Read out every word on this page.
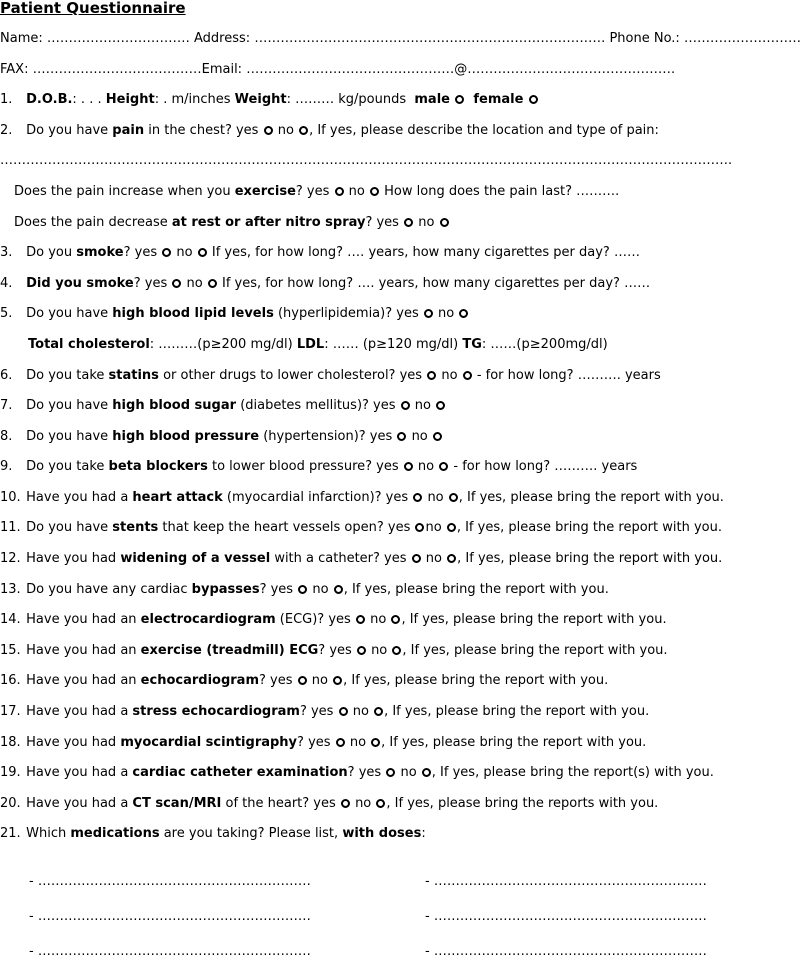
Patient Questionnaire
Name: …………………………… Address: ……………………………………………………………………… Phone No.: ………………………
FAX: …………………………………Email: …………………………………………@…………………………………………
1. D.O.B.: . . . Height: . m/inches Weight: ……… kg/pounds male female
2. Do you have pain in the chest? yes no , If yes, please describe the location and type of pain:
…………………………………………………………………………………………………………………………………………………….
Does the pain increase when you exercise? yes no How long does the pain last? ……….
Does the pain decrease at rest or after nitro spray? yes no
3. Do you smoke? yes no If yes, for how long? …. years, how many cigarettes per day? ……
4. Did you smoke? yes no If yes, for how long? …. years, how many cigarettes per day? ……
5. Do you have high blood lipid levels (hyperlipidemia)? yes no
Total cholesterol: ………(p≥200 mg/dl) LDL: …… (p≥120 mg/dl) TG: ……(p≥200mg/dl)
6. Do you take statins or other drugs to lower cholesterol? yes no - for how long? ………. years
7. Do you have high blood sugar (diabetes mellitus)? yes no
8. Do you have high blood pressure (hypertension)? yes no
9. Do you take beta blockers to lower blood pressure? yes no - for how long? ………. years
10. Have you had a heart attack (myocardial infarction)? yes no , If yes, please bring the report with you.
11. Do you have stents that keep the heart vessels open? yes no , If yes, please bring the report with you.
12. Have you had widening of a vessel with a catheter? yes no , If yes, please bring the report with you.
13. Do you have any cardiac bypasses? yes no , If yes, please bring the report with you.
14. Have you had an electrocardiogram (ECG)? yes no , If yes, please bring the report with you.
15. Have you had an exercise (treadmill) ECG? yes no , If yes, please bring the report with you.
16. Have you had an echocardiogram? yes no , If yes, please bring the report with you.
17. Have you had a stress echocardiogram? yes no , If yes, please bring the report with you.
18. Have you had myocardial scintigraphy? yes no , If yes, please bring the report with you.
19. Have you had a cardiac catheter examination? yes no , If yes, please bring the report(s) with you.
20. Have you had a CT scan/MRI of the heart? yes no , If yes, please bring the reports with you.
21. Which medications are you taking? Please list, with doses:
- ………………………………………………………	- ………………………………………………………
- ………………………………………………………	- ………………………………………………………
- ………………………………………………………	- ………………………………………………………
